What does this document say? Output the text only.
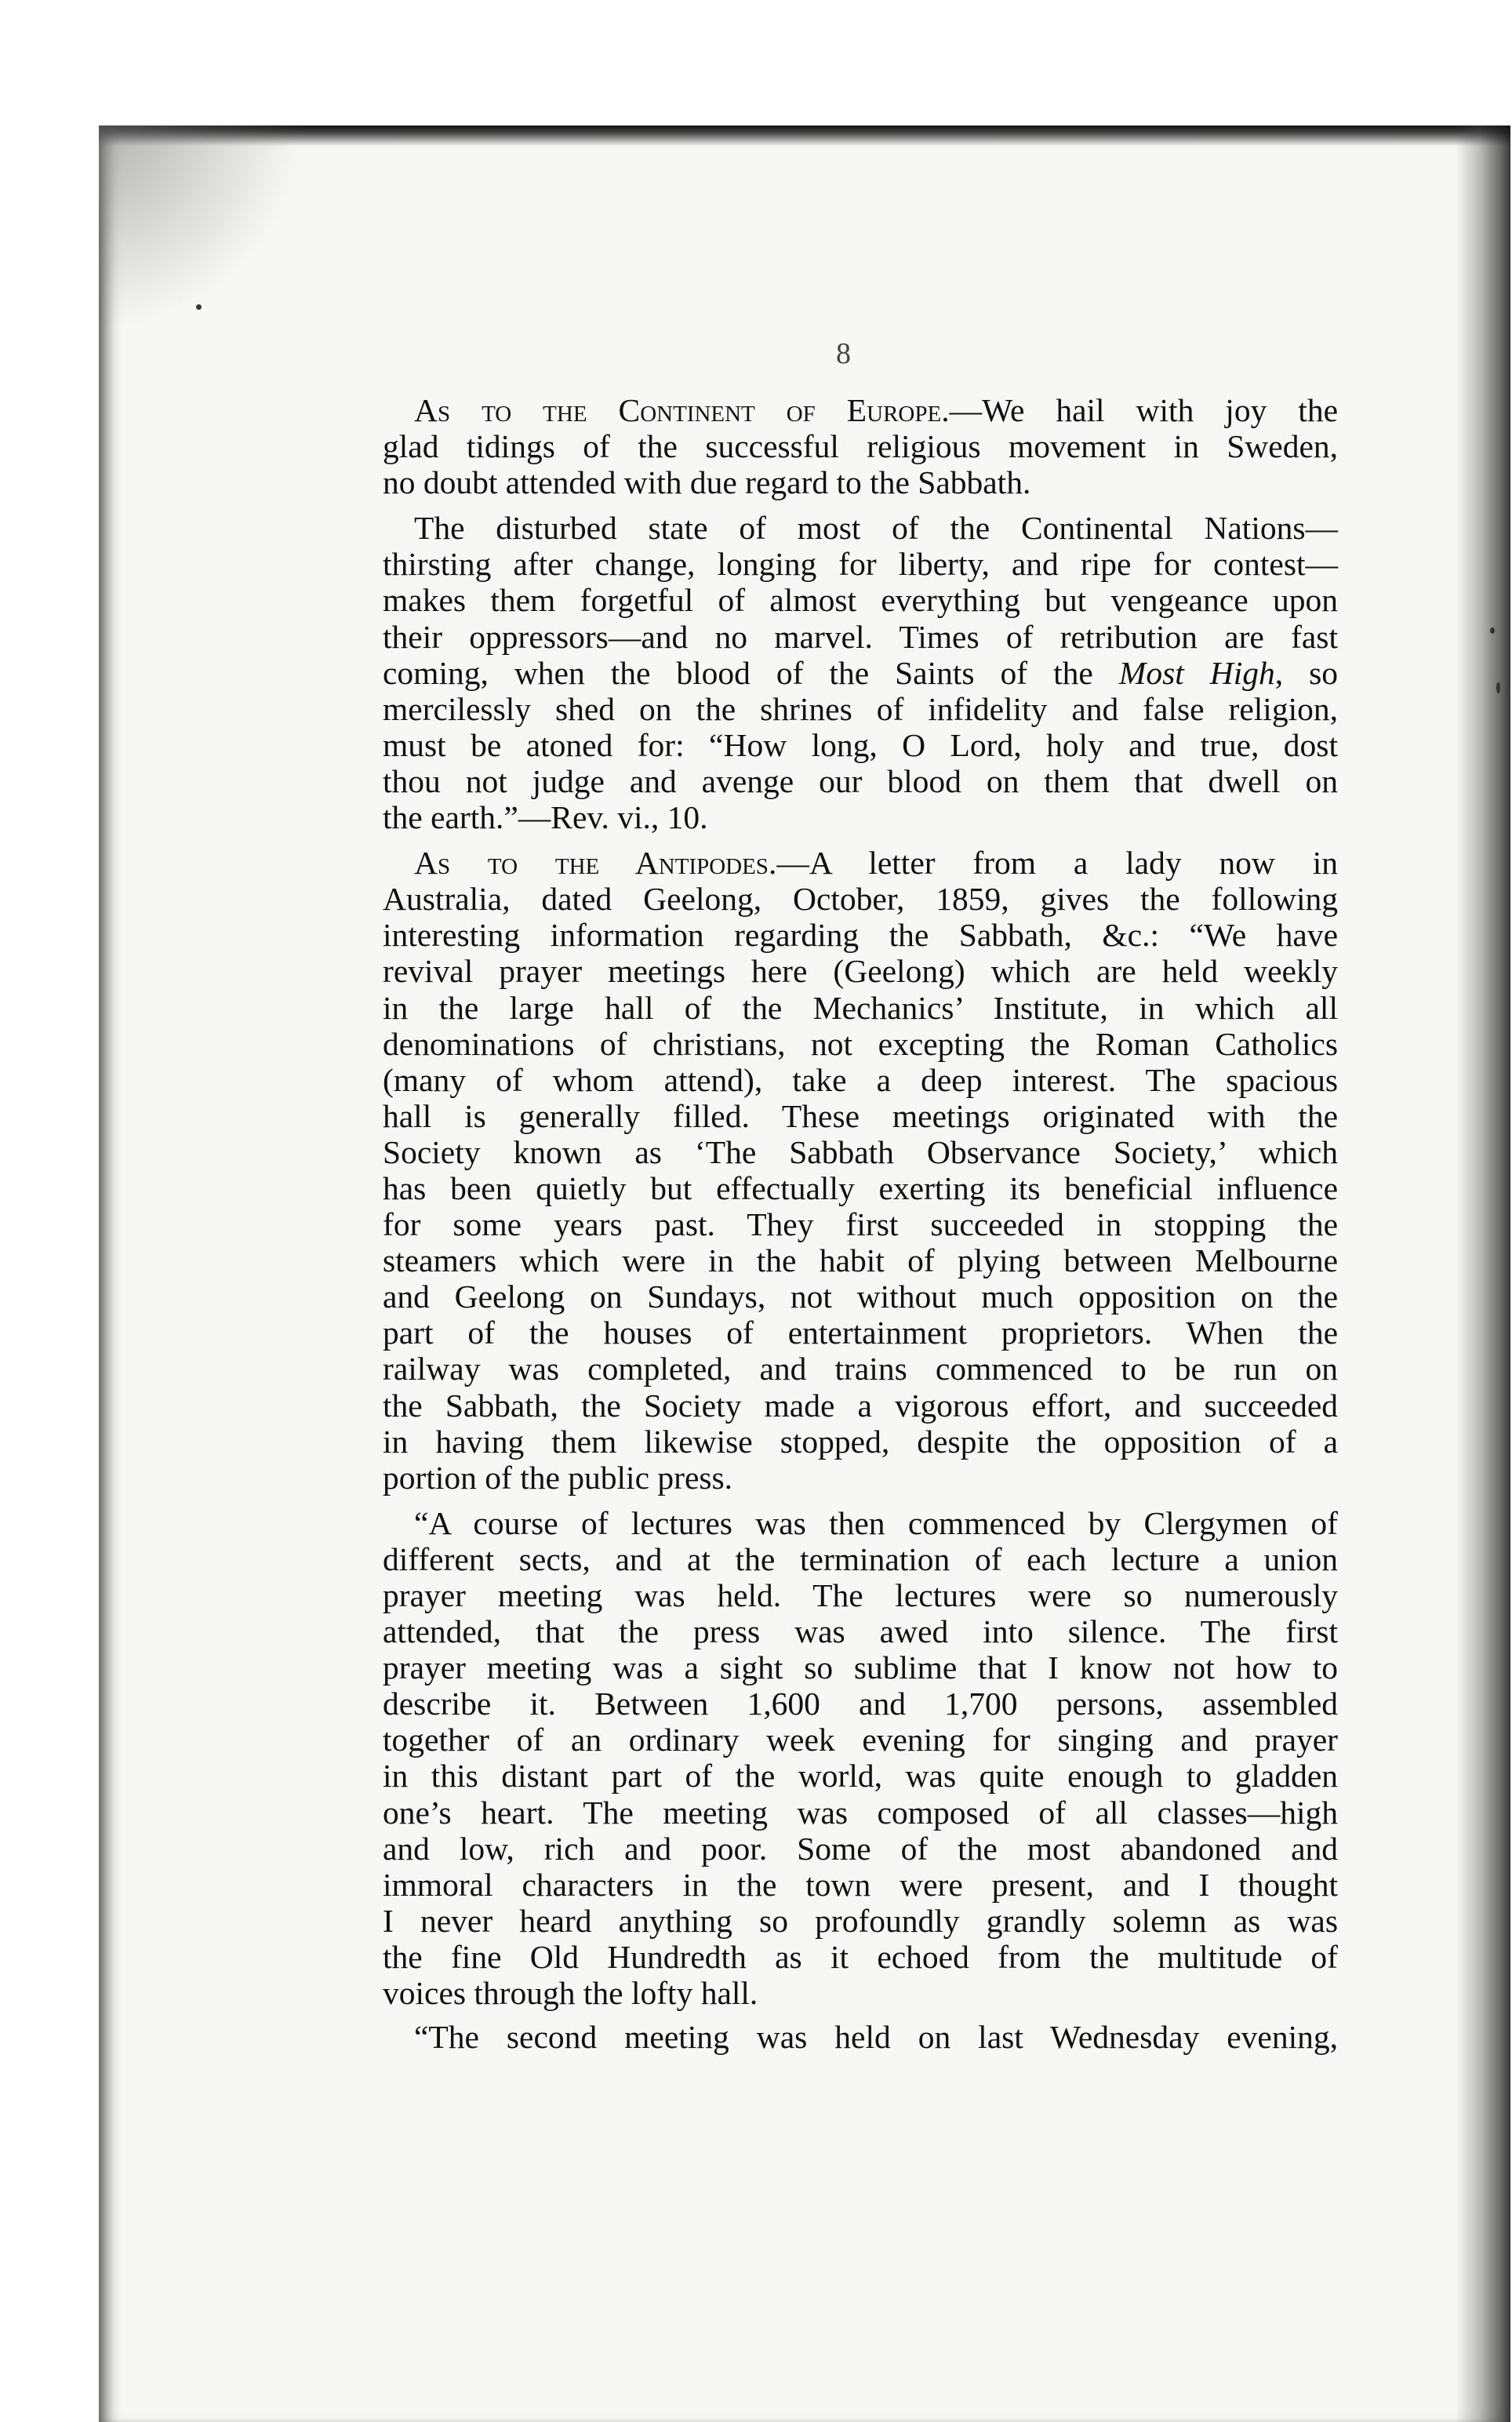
8
As to the Continent of Europe.—We hail with joy the
glad tidings of the successful religious movement in Sweden,
no doubt attended with due regard to the Sabbath.
The disturbed state of most of the Continental Nations—
thirsting after change, longing for liberty, and ripe for contest—
makes them forgetful of almost everything but vengeance upon
their oppressors—and no marvel. Times of retribution are fast
coming, when the blood of the Saints of the Most High, so
mercilessly shed on the shrines of infidelity and false religion,
must be atoned for: “How long, O Lord, holy and true, dost
thou not judge and avenge our blood on them that dwell on
the earth.”—Rev. vi., 10.
As to the Antipodes.—A letter from a lady now in
Australia, dated Geelong, October, 1859, gives the following
interesting information regarding the Sabbath, &c.: “We have
revival prayer meetings here (Geelong) which are held weekly
in the large hall of the Mechanics’ Institute, in which all
denominations of christians, not excepting the Roman Catholics
(many of whom attend), take a deep interest. The spacious
hall is generally filled. These meetings originated with the
Society known as ‘The Sabbath Observance Society,’ which
has been quietly but effectually exerting its beneficial influence
for some years past. They first succeeded in stopping the
steamers which were in the habit of plying between Melbourne
and Geelong on Sundays, not without much opposition on the
part of the houses of entertainment proprietors. When the
railway was completed, and trains commenced to be run on
the Sabbath, the Society made a vigorous effort, and succeeded
in having them likewise stopped, despite the opposition of a
portion of the public press.
“A course of lectures was then commenced by Clergymen of
different sects, and at the termination of each lecture a union
prayer meeting was held. The lectures were so numerously
attended, that the press was awed into silence. The first
prayer meeting was a sight so sublime that I know not how to
describe it. Between 1,600 and 1,700 persons, assembled
together of an ordinary week evening for singing and prayer
in this distant part of the world, was quite enough to gladden
one’s heart. The meeting was composed of all classes—high
and low, rich and poor. Some of the most abandoned and
immoral characters in the town were present, and I thought
I never heard anything so profoundly grandly solemn as was
the fine Old Hundredth as it echoed from the multitude of
voices through the lofty hall.
“The second meeting was held on last Wednesday evening,
